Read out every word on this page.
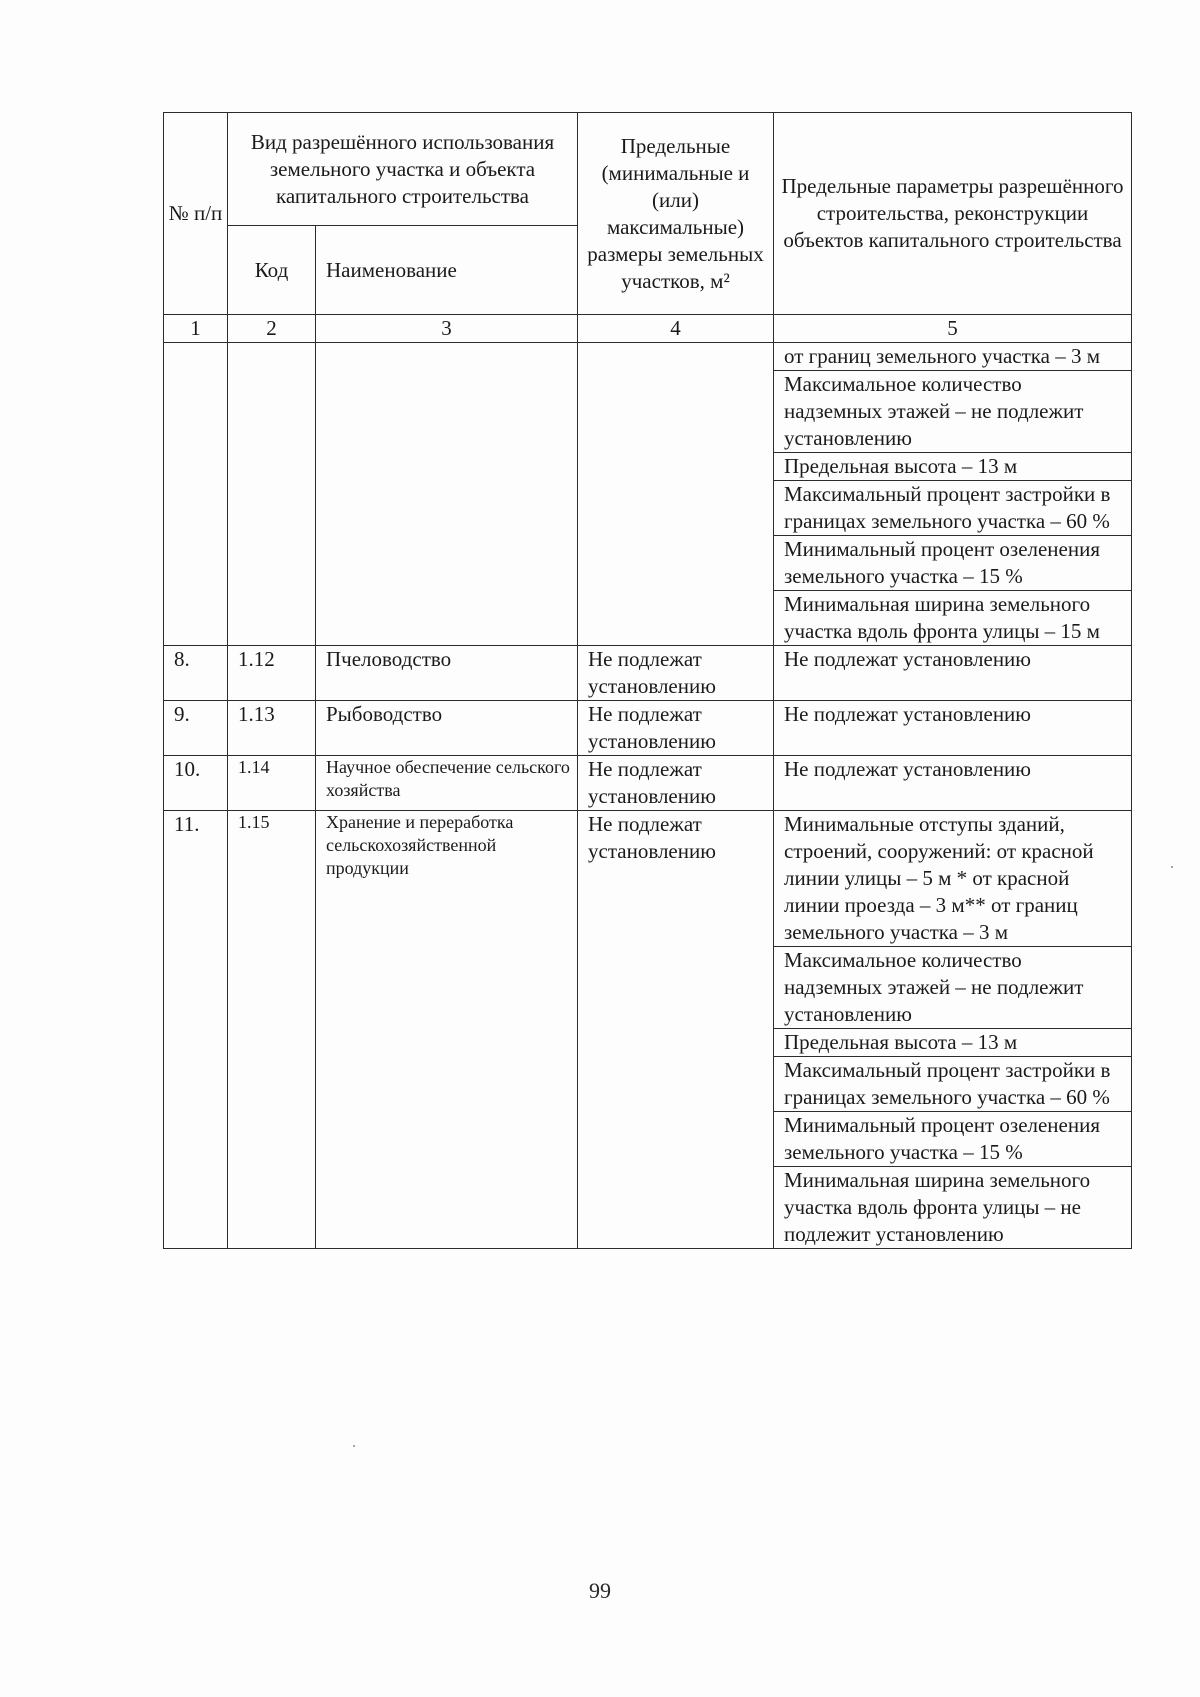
№ п/п	Вид разрешённого использования земельного участка и объекта капитального строительства		Предельные (минимальные и (или) максимальные) размеры земельных участков, м²	Предельные параметры разрешённого строительства, реконструкции объектов капитального строительства
	Код	Наименование		
1	2	3	4	5
				от границ земельного участка – 3 м
				Максимальное количество надземных этажей – не подлежит установлению
				Предельная высота – 13 м
				Максимальный процент застройки в границах земельного участка – 60 %
				Минимальный процент озеленения земельного участка – 15 %
				Минимальная ширина земельного участка вдоль фронта улицы – 15 м
8.	1.12	Пчеловодство	Не подлежат установлению	Не подлежат установлению
9.	1.13	Рыбоводство	Не подлежат установлению	Не подлежат установлению
10.	1.14	Научное обеспечение сельского хозяйства	Не подлежат установлению	Не подлежат установлению
11.	1.15	Хранение и переработка сельскохозяйственной продукции	Не подлежат установлению	Минимальные отступы зданий, строений, сооружений: от красной линии улицы – 5 м * от красной линии проезда – 3 м** от границ земельного участка – 3 м
				Максимальное количество надземных этажей – не подлежит установлению
				Предельная высота – 13 м
				Максимальный процент застройки в границах земельного участка – 60 %
				Минимальный процент озеленения земельного участка – 15 %
				Минимальная ширина земельного участка вдоль фронта улицы – не подлежит установлению
99
